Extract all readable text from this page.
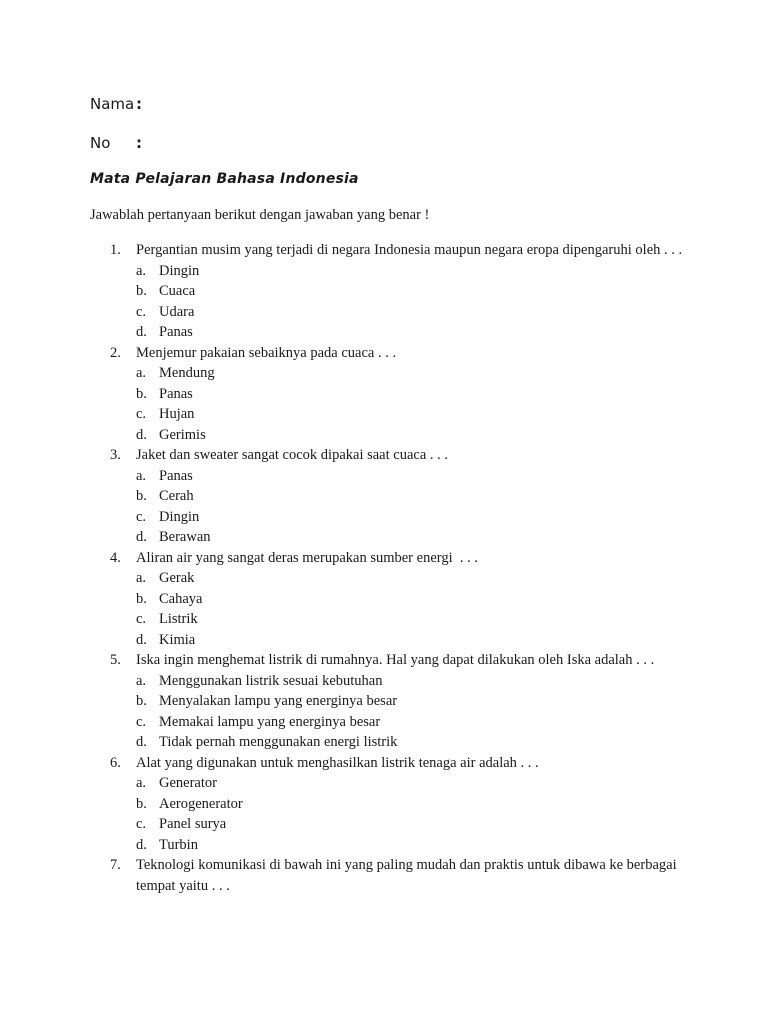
Nama :
No	:
Mata Pelajaran Bahasa Indonesia
Jawablah pertanyaan berikut dengan jawaban yang benar !
1.	Pergantian musim yang terjadi di negara Indonesia maupun negara eropa dipengaruhi oleh . . .
a. Dingin
b. Cuaca
c. Udara
d. Panas
2.	Menjemur pakaian sebaiknya pada cuaca . . .
a. Mendung
b. Panas
c. Hujan
d. Gerimis
3.	Jaket dan sweater sangat cocok dipakai saat cuaca . . .
a. Panas
b. Cerah
c. Dingin
d. Berawan
4.	Aliran air yang sangat deras merupakan sumber energi  . . .
a. Gerak
b. Cahaya
c. Listrik
d. Kimia
5.	Iska ingin menghemat listrik di rumahnya. Hal yang dapat dilakukan oleh Iska adalah . . .
a. Menggunakan listrik sesuai kebutuhan
b. Menyalakan lampu yang energinya besar
c. Memakai lampu yang energinya besar
d. Tidak pernah menggunakan energi listrik
6.	Alat yang digunakan untuk menghasilkan listrik tenaga air adalah . . .
a. Generator
b. Aerogenerator
c. Panel surya
d. Turbin
7.	Teknologi komunikasi di bawah ini yang paling mudah dan praktis untuk dibawa ke berbagai tempat yaitu . . .
